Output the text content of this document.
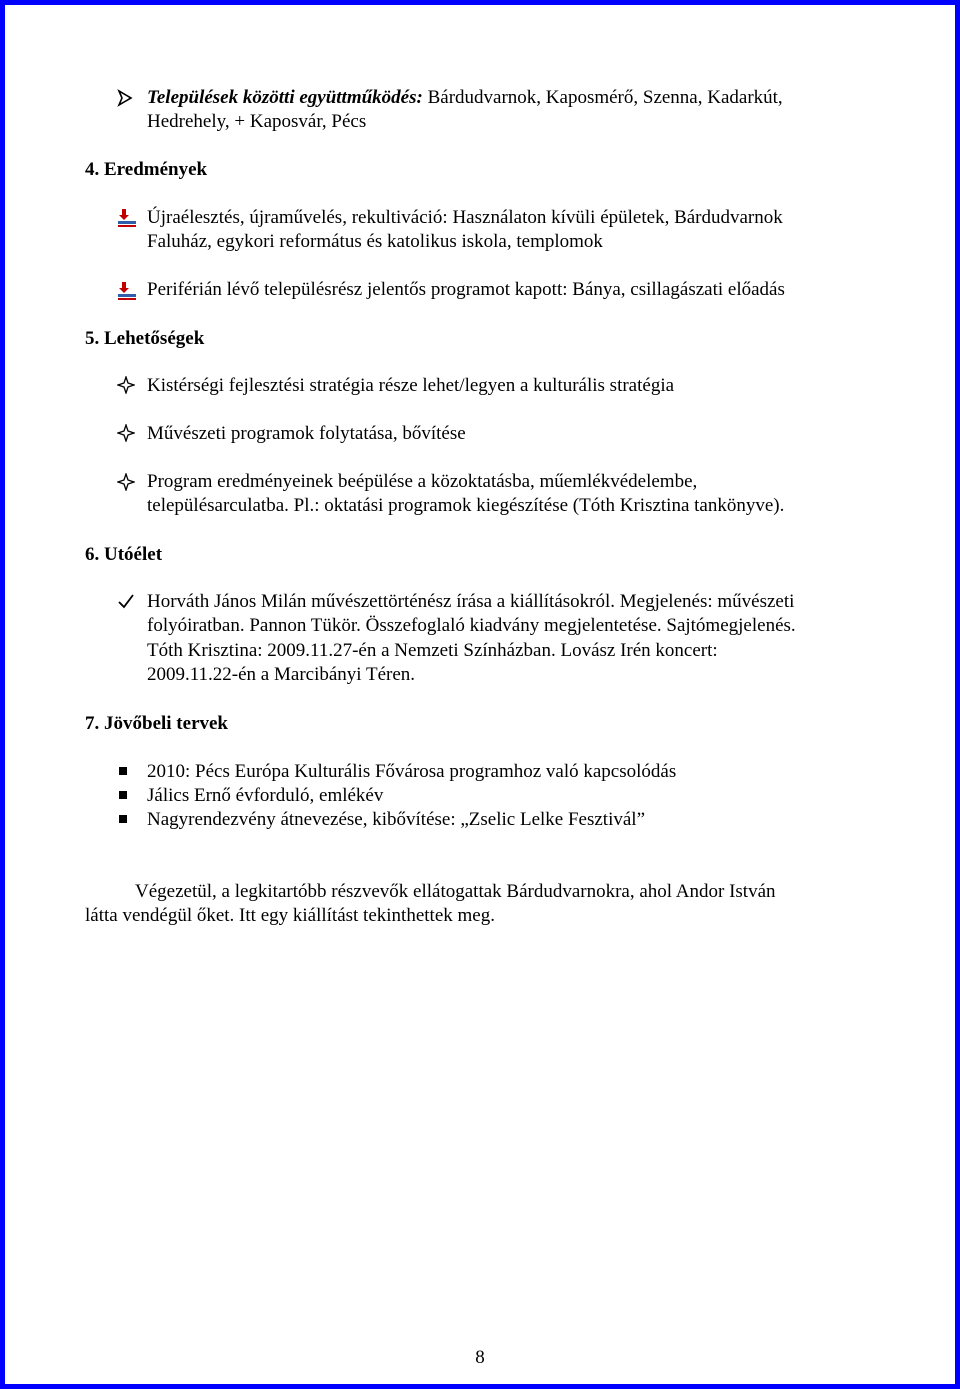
Települések közötti együttműködés: Bárdudvarnok, Kaposmérő, Szenna, Kadarkút,
Hedrehely, + Kaposvár, Pécs
4. Eredmények
Újraélesztés, újraművelés, rekultiváció: Használaton kívüli épületek, Bárdudvarnok
Faluház, egykori református és katolikus iskola, templomok
Periférián lévő településrész jelentős programot kapott: Bánya, csillagászati előadás
5. Lehetőségek
Kistérségi fejlesztési stratégia része lehet/legyen a kulturális stratégia
Művészeti programok folytatása, bővítése
Program eredményeinek beépülése a közoktatásba, műemlékvédelembe,
településarculatba. Pl.: oktatási programok kiegészítése (Tóth Krisztina tankönyve).
6. Utóélet
Horváth János Milán művészettörténész írása a kiállításokról. Megjelenés: művészeti
folyóiratban. Pannon Tükör. Összefoglaló kiadvány megjelentetése. Sajtómegjelenés.
Tóth Krisztina: 2009.11.27-én a Nemzeti Színházban. Lovász Irén koncert:
2009.11.22-én a Marcibányi Téren.
7. Jövőbeli tervek
2010: Pécs Európa Kulturális Fővárosa programhoz való kapcsolódás
Jálics Ernő évforduló, emlékév
Nagyrendezvény átnevezése, kibővítése: „Zselic Lelke Fesztivál”
Végezetül, a legkitartóbb részvevők ellátogattak Bárdudvarnokra, ahol Andor István
látta vendégül őket. Itt egy kiállítást tekinthettek meg.
8
